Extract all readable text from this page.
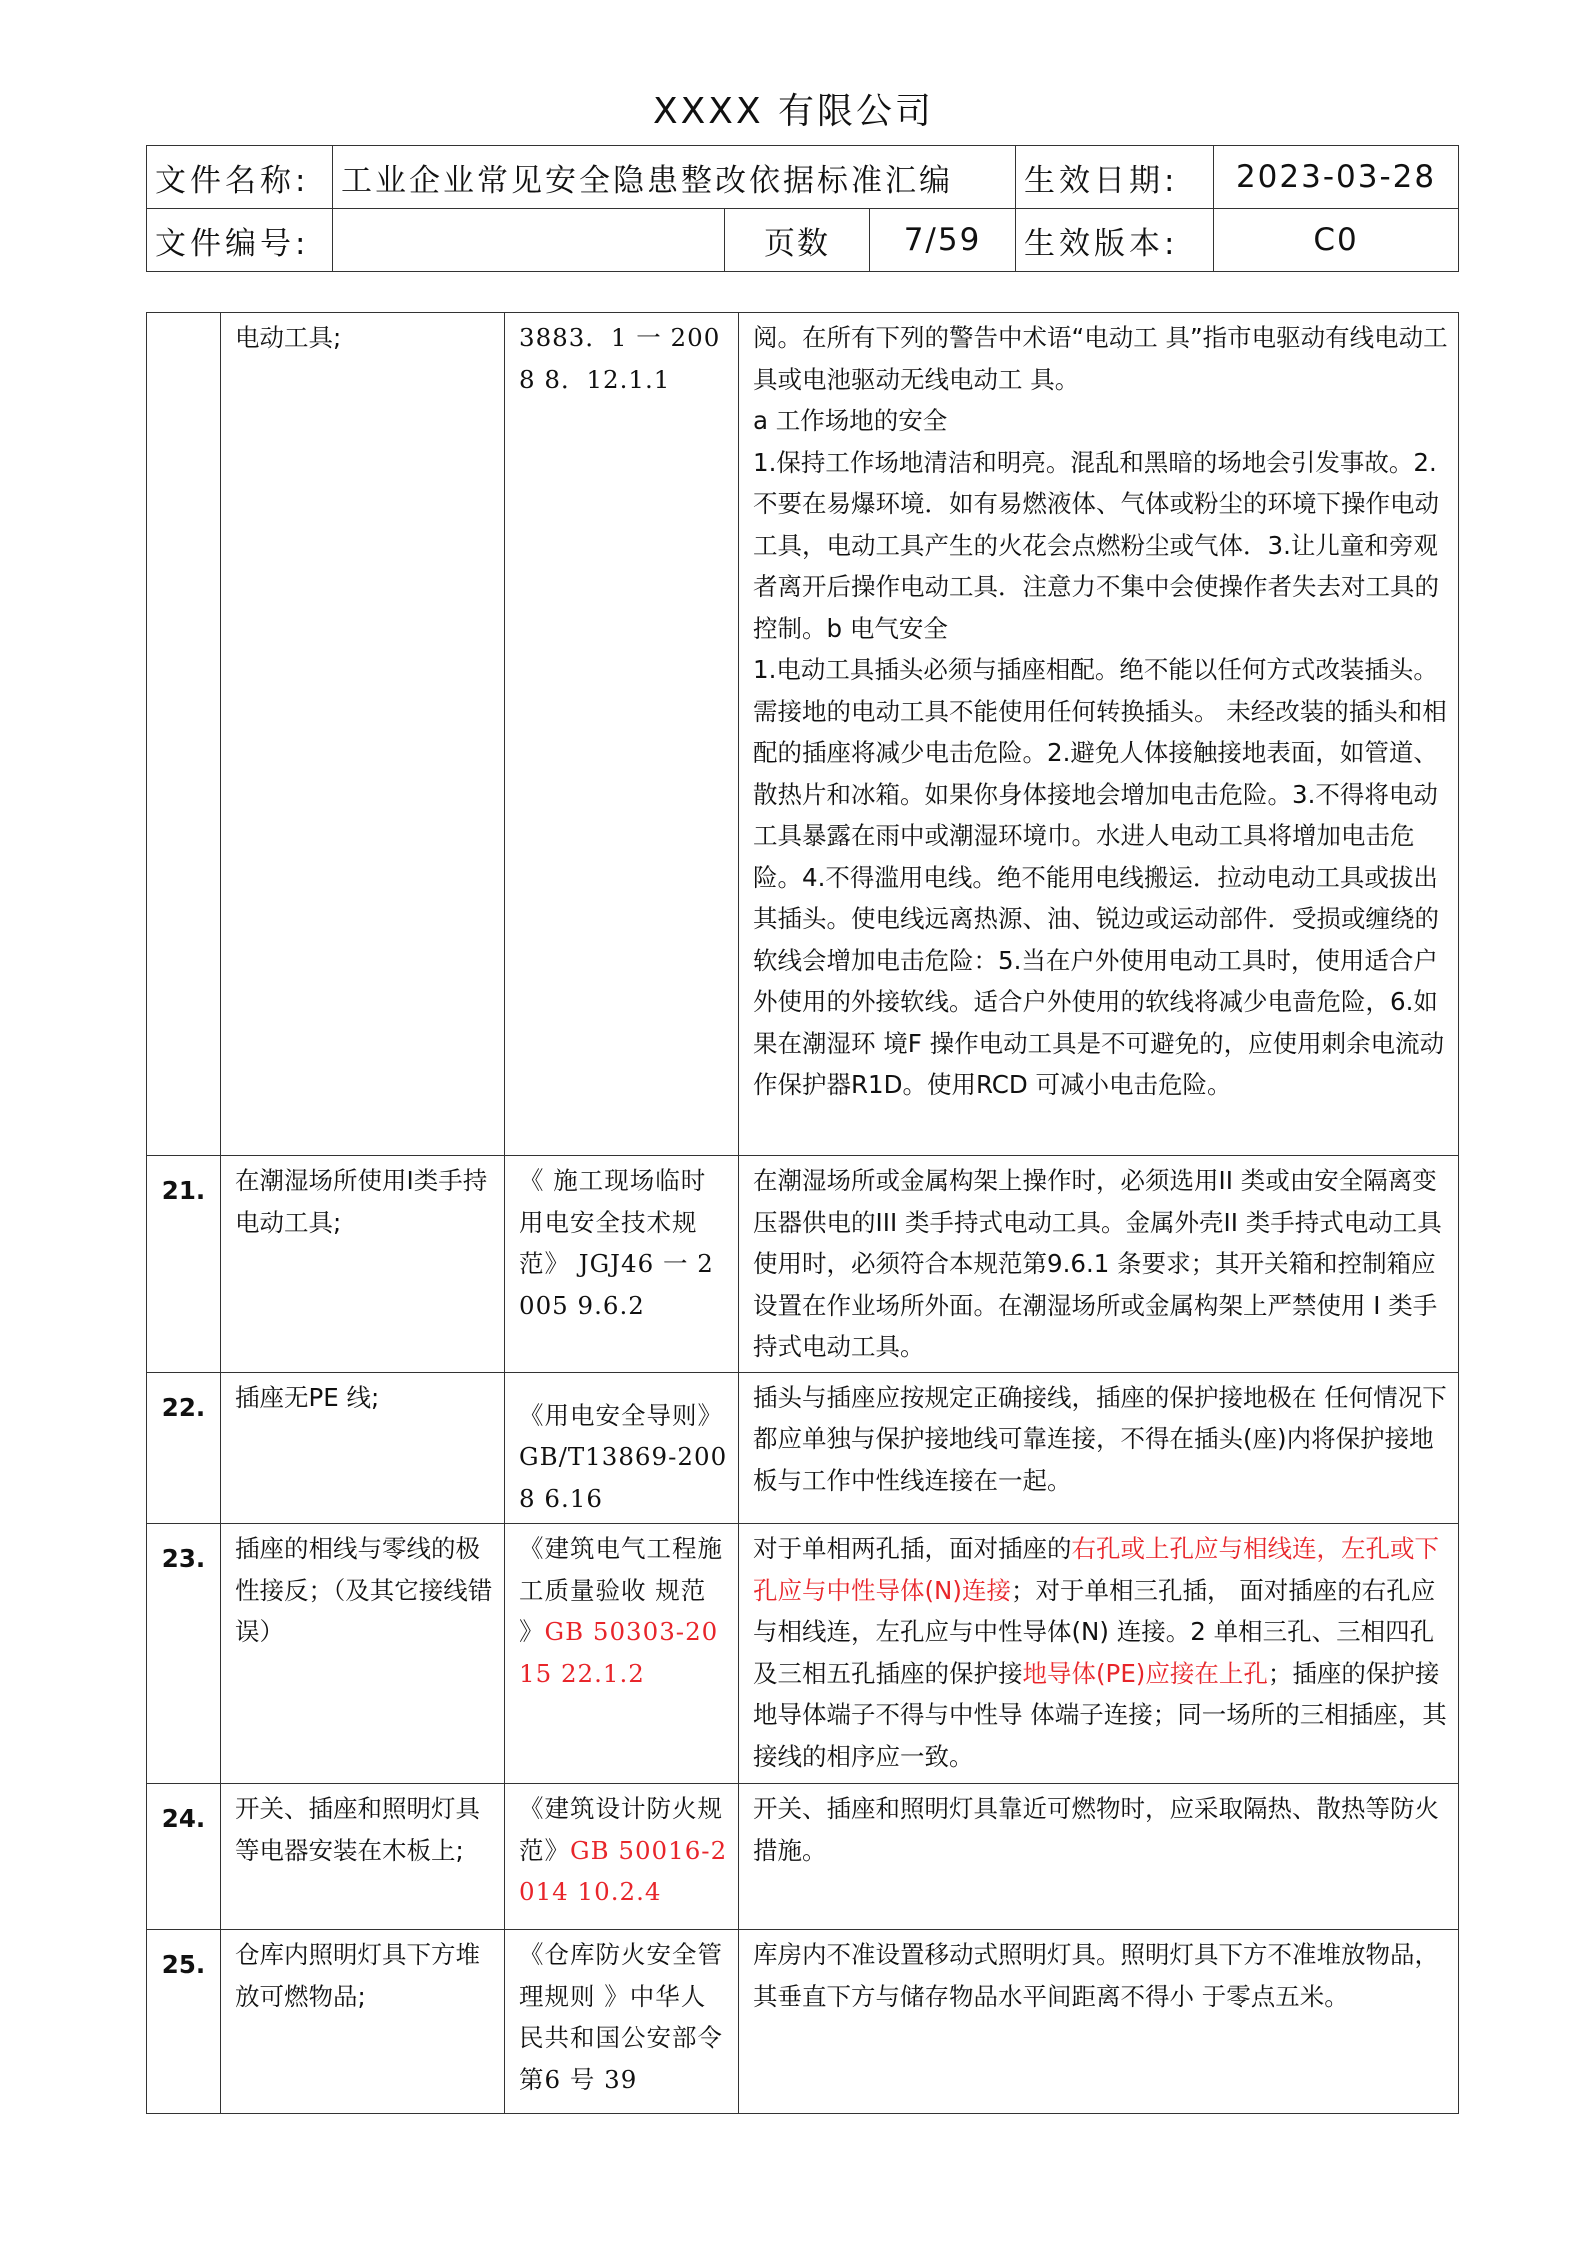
XXXX 有限公司
文件名称:	工业企业常见安全隐患整改依据标准汇编			生效日期:	2023-03-28
文件编号:		页数	7/59	生效版本:	C0
	电动工具;	3883．1 一 2008 8．12.1.1	阅。在所有下列的警告中术语“电动工 具”指市电驱动有线电动工具或电池驱动无线电动工 具。
a 工作场地的安全
1.保持工作场地清洁和明亮。混乱和黑暗的场地会引发事故。2.不要在易爆环境．如有易燃液体、气体或粉尘的环境下操作电动工具，电动工具产生的火花会点燃粉尘或气体．3.让儿童和旁观者离开后操作电动工具．注意力不集中会使操作者失去对工具的控制。b 电气安全
1.电动工具插头必须与插座相配。绝不能以任何方式改装插头。需接地的电动工具不能使用任何转换插头。 未经改装的插头和相配的插座将减少电击危险。2.避免人体接触接地表面，如管道、散热片和冰箱。如果你身体接地会增加电击危险。3.不得将电动工具暴露在雨中或潮湿环境巾。水进人电动工具将增加电击危险。4.不得滥用电线。绝不能用电线搬运．拉动电动工具或拔出其插头。使电线远离热源、油、锐边或运动部件．受损或缠绕的软线会增加电击危险：5.当在户外使用电动工具时，使用适合户外使用的外接软线。适合户外使用的软线将减少电啬危险，6.如果在潮湿环 境F 操作电动工具是不可避免的，应使用刺余电流动作保护器R1D。使用RCD 可减小电击危险。

21.	在潮湿场所使用Ⅰ类手持电动工具;	《 施工现场临时用电安全技术规范》 JGJ46 一 2005 9.6.2	在潮湿场所或金属构架上操作时，必须选用II 类或由安全隔离变压器供电的III 类手持式电动工具。金属外壳II 类手持式电动工具使用时，必须符合本规范第9.6.1 条要求；其开关箱和控制箱应设置在作业场所外面。在潮湿场所或金属构架上严禁使用 I 类手持式电动工具。
22.	插座无PE 线;	《用电安全导则》GB/T13869-2008 6.16	插头与插座应按规定正确接线，插座的保护接地极在 任何情况下都应单独与保护接地线可靠连接，不得在插头(座)内将保护接地板与工作中性线连接在一起。
23.	插座的相线与零线的极性接反；（及其它接线错误）	《建筑电气工程施工质量验收 规范 》GB 50303-2015 22.1.2	对于单相两孔插，面对插座的右孔或上孔应与相线连，左孔或下孔应与中性导体(N)连接；对于单相三孔插， 面对插座的右孔应与相线连，左孔应与中性导体(N) 连接。2 单相三孔、三相四孔及三相五孔插座的保护接地导体(PE)应接在上孔；插座的保护接地导体端子不得与中性导 体端子连接；同一场所的三相插座，其接线的相序应一致。
24.	开关、插座和照明灯具等电器安装在木板上;	《建筑设计防火规范》GB 50016-2014 10.2.4	开关、插座和照明灯具靠近可燃物时，应采取隔热、散热等防火措施。
25.	仓库内照明灯具下方堆放可燃物品;	《仓库防火安全管理规则 》中华人民共和国公安部令第6 号 39	库房内不准设置移动式照明灯具。照明灯具下方不准堆放物品，其垂直下方与储存物品水平间距离不得小 于零点五米。
